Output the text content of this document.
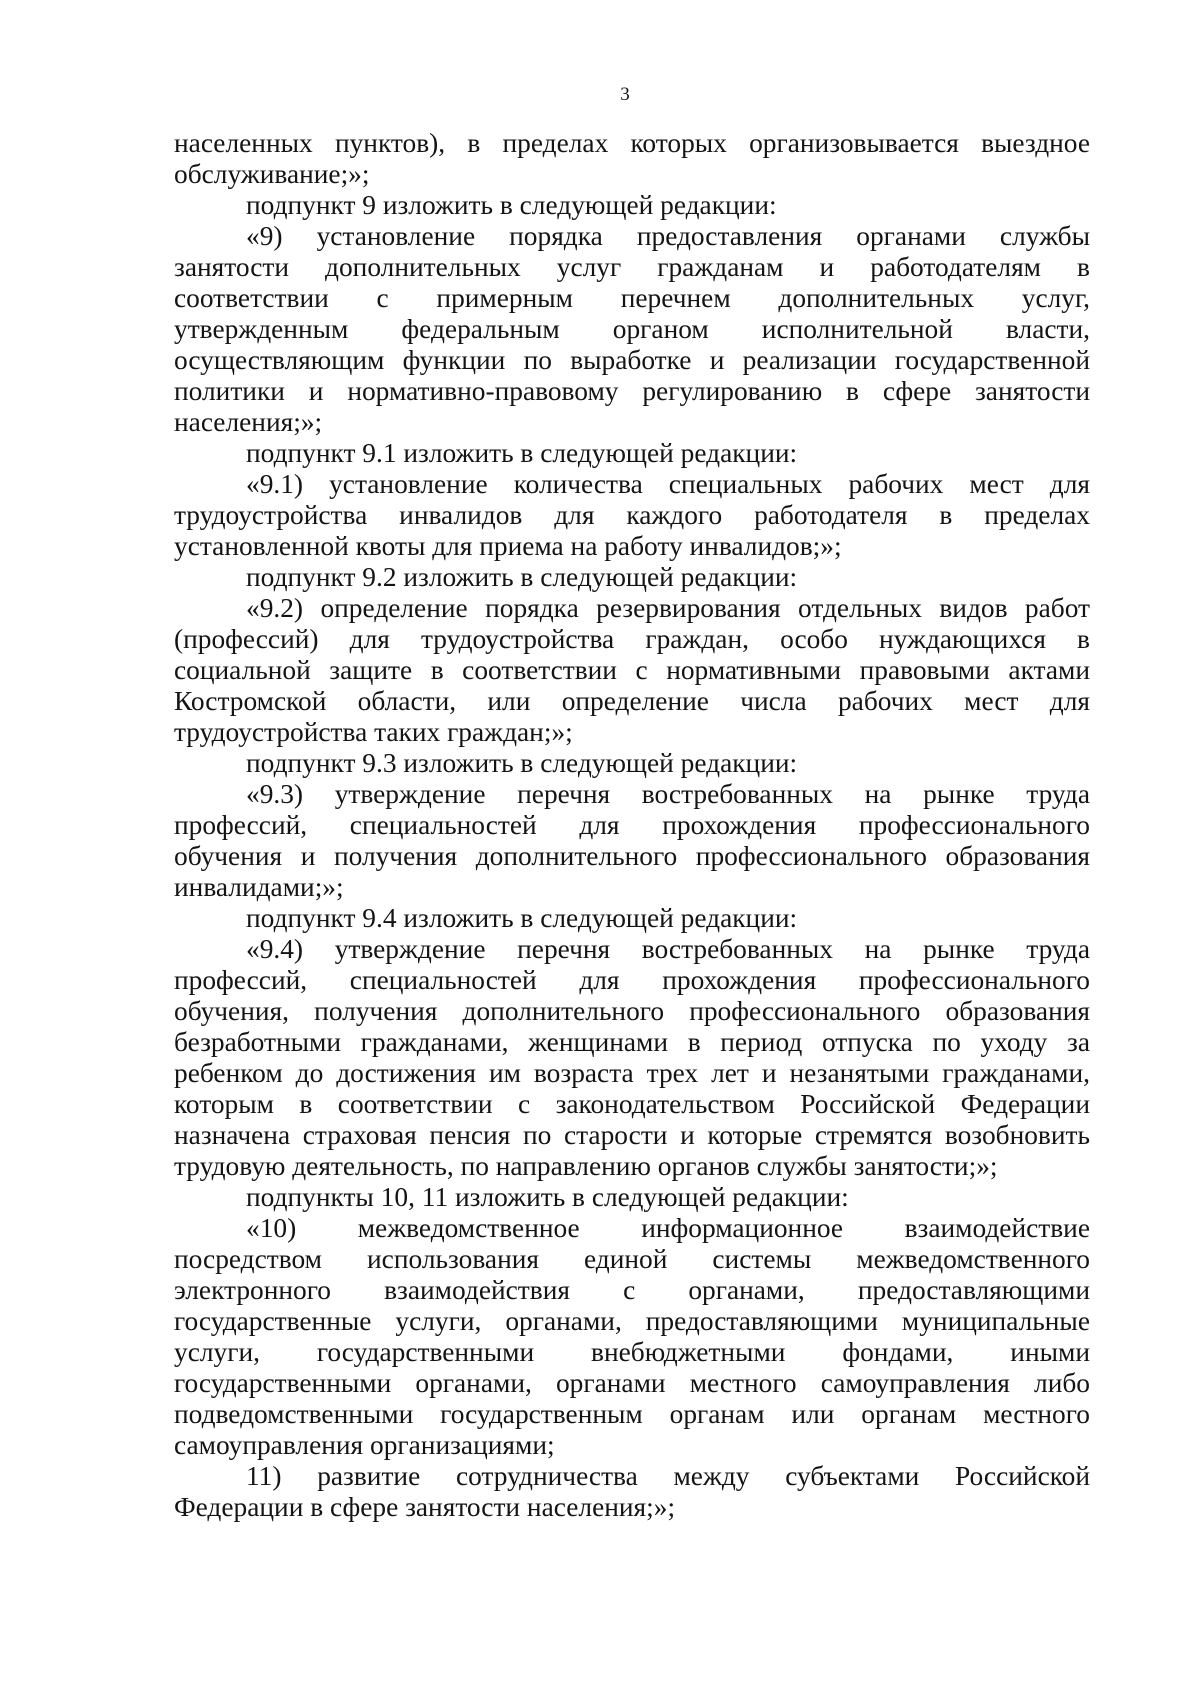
3
населенных пунктов), в пределах которых организовывается выездное
обслуживание;»;
подпункт 9 изложить в следующей редакции:
«9) установление порядка предоставления органами службы
занятости дополнительных услуг гражданам и работодателям в
соответствии с примерным перечнем дополнительных услуг,
утвержденным федеральным органом исполнительной власти,
осуществляющим функции по выработке и реализации государственной
политики и нормативно-правовому регулированию в сфере занятости
населения;»;
подпункт 9.1 изложить в следующей редакции:
«9.1) установление количества специальных рабочих мест для
трудоустройства инвалидов для каждого работодателя в пределах
установленной квоты для приема на работу инвалидов;»;
подпункт 9.2 изложить в следующей редакции:
«9.2) определение порядка резервирования отдельных видов работ
(профессий) для трудоустройства граждан, особо нуждающихся в
социальной защите в соответствии с нормативными правовыми актами
Костромской области, или определение числа рабочих мест для
трудоустройства таких граждан;»;
подпункт 9.3 изложить в следующей редакции:
«9.3) утверждение перечня востребованных на рынке труда
профессий, специальностей для прохождения профессионального
обучения и получения дополнительного профессионального образования
инвалидами;»;
подпункт 9.4 изложить в следующей редакции:
«9.4) утверждение перечня востребованных на рынке труда
профессий, специальностей для прохождения профессионального
обучения, получения дополнительного профессионального образования
безработными гражданами, женщинами в период отпуска по уходу за
ребенком до достижения им возраста трех лет и незанятыми гражданами,
которым в соответствии с законодательством Российской Федерации
назначена страховая пенсия по старости и которые стремятся возобновить
трудовую деятельность, по направлению органов службы занятости;»;
подпункты 10, 11 изложить в следующей редакции:
«10) межведомственное информационное взаимодействие
посредством использования единой системы межведомственного
электронного взаимодействия с органами, предоставляющими
государственные услуги, органами, предоставляющими муниципальные
услуги, государственными внебюджетными фондами, иными
государственными органами, органами местного самоуправления либо
подведомственными государственным органам или органам местного
самоуправления организациями;
11) развитие сотрудничества между субъектами Российской
Федерации в сфере занятости населения;»;
